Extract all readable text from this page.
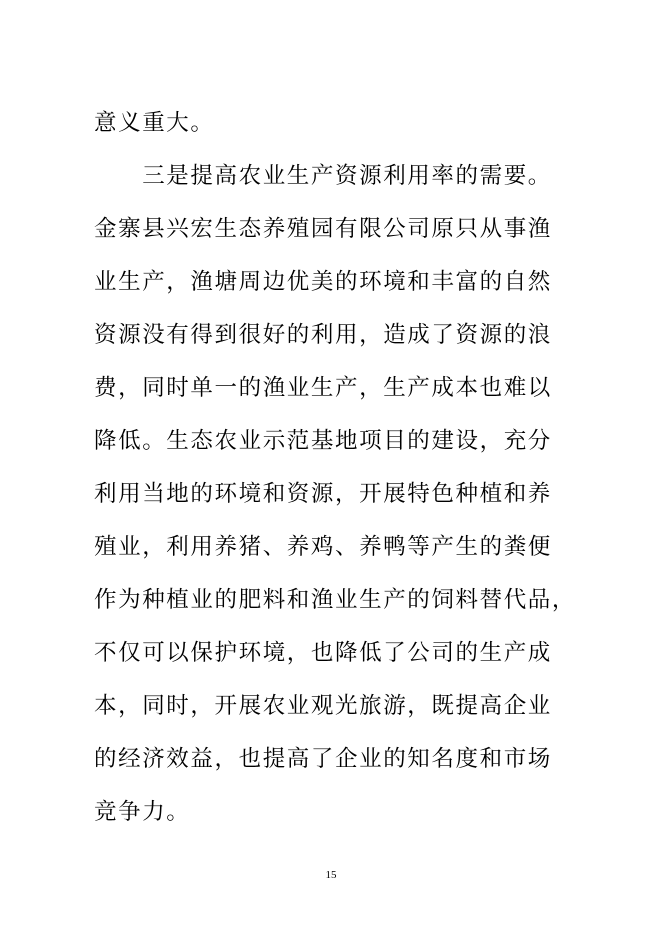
意义重大。
　　三是提高农业生产资源利用率的需要。
金寨县兴宏生态养殖园有限公司原只从事渔
业生产，渔塘周边优美的环境和丰富的自然
资源没有得到很好的利用，造成了资源的浪
费，同时单一的渔业生产，生产成本也难以
降低。生态农业示范基地项目的建设，充分
利用当地的环境和资源，开展特色种植和养
殖业，利用养猪、养鸡、养鸭等产生的粪便
作为种植业的肥料和渔业生产的饲料替代品，
不仅可以保护环境，也降低了公司的生产成
本，同时，开展农业观光旅游，既提高企业
的经济效益，也提高了企业的知名度和市场
竞争力。
15
